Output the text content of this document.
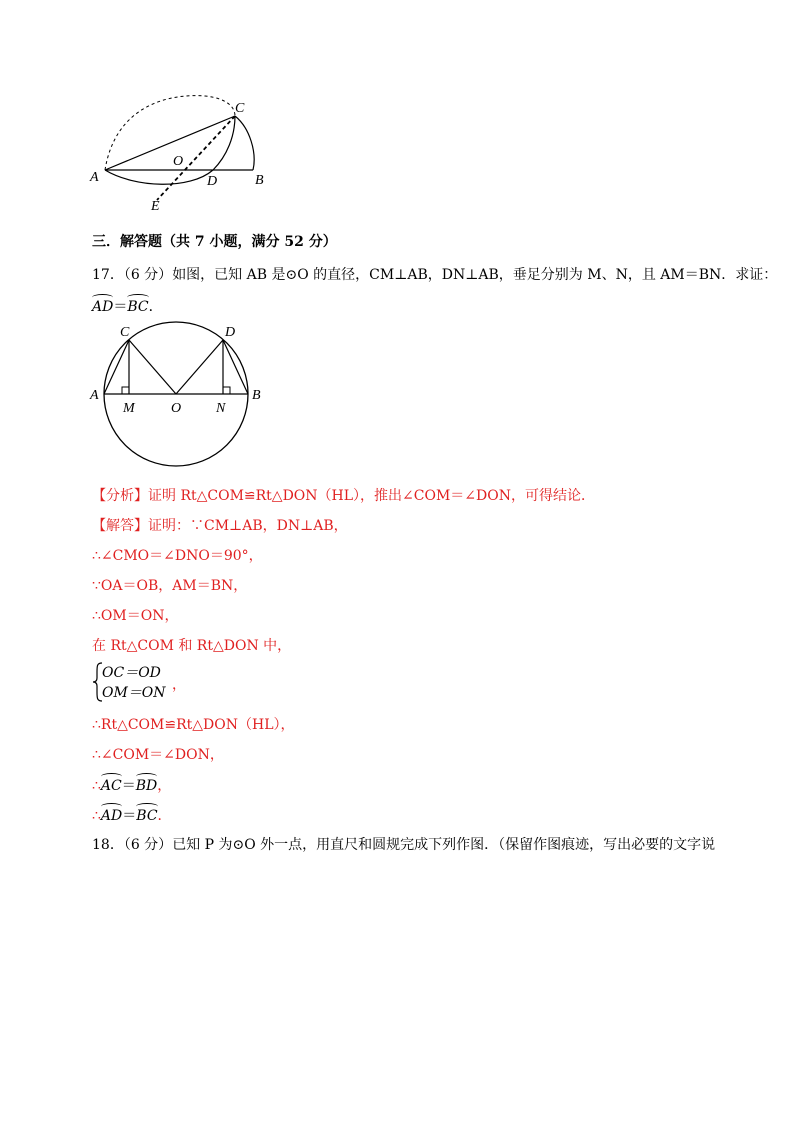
A	B
C
O
D
E
三．解答题（共 7 小题，满分 52 分）
17．（6 分）如图，已知 AB 是⊙O 的直径，CM⊥AB，DN⊥AB，垂足分别为 M、N，且 AM＝BN．求证：
AD＝BC．
A	B
C	D
M	O N
【分析】证明 Rt△COM≌Rt△DON（HL），推出∠COM＝∠DON，可得结论．
【解答】证明：∵CM⊥AB，DN⊥AB，
∴∠CMO＝∠DNO＝90°，
∵OA＝OB，AM＝BN，
∴OM＝ON，
在 Rt△COM 和 Rt△DON 中，
OC＝OD
OM＝ON ，
∴Rt△COM≌Rt△DON（HL），
∴∠COM＝∠DON，
∴AC＝BD，
∴AD＝BC．
18．（6 分）已知 P 为⊙O 外一点，用直尺和圆规完成下列作图．（保留作图痕迹，写出必要的文字说
